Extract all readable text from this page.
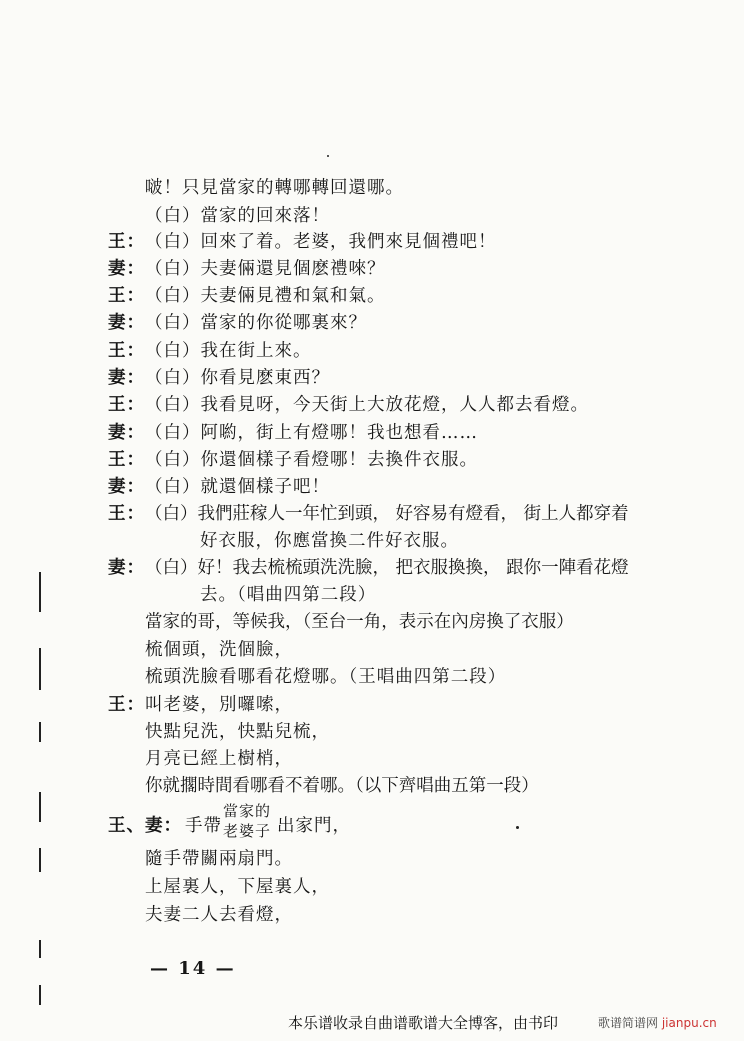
啵！只見當家的轉哪轉回還哪。
（白）當家的回來落！
王： （白）回來了着。老婆，我們來見個禮吧！
妻： （白）夫妻倆還見個麽禮唻？
王： （白）夫妻倆見禮和氣和氣。
妻： （白）當家的你從哪裏來？
王： （白）我在街上來。
妻： （白）你看見麽東西？
王： （白）我看見呀，今天街上大放花燈，人人都去看燈。
妻： （白）阿喲，街上有燈哪！我也想看……
王： （白）你還個樣子看燈哪！去換件衣服。
妻： （白）就還個樣子吧！
王： （白）我們莊稼人一年忙到頭， 好容易有燈看， 街上人都穿着
好衣服，你應當換二件好衣服。
妻： （白）好！我去梳梳頭洗洗臉， 把衣服換換， 跟你一陣看花燈
去。（唱曲四第二段）
當家的哥，等候我，（至台一角，表示在內房換了衣服）
梳個頭，洗個臉，
梳頭洗臉看哪看花燈哪。（王唱曲四第二段）
王： 叫老婆，別囉嗦，
快點兒洗，快點兒梳，
月亮已經上樹梢，
你就擱時間看哪看不着哪。（以下齊唱曲五第一段）
王、妻： 手帶
當家的
老婆子 出家門，
隨手帶關兩扇門。
上屋裏人，下屋裏人，
夫妻二人去看燈，
— 14 —
本乐谱收录自曲谱歌谱大全博客，由书印	歌谱简谱网 jianpu.cn
